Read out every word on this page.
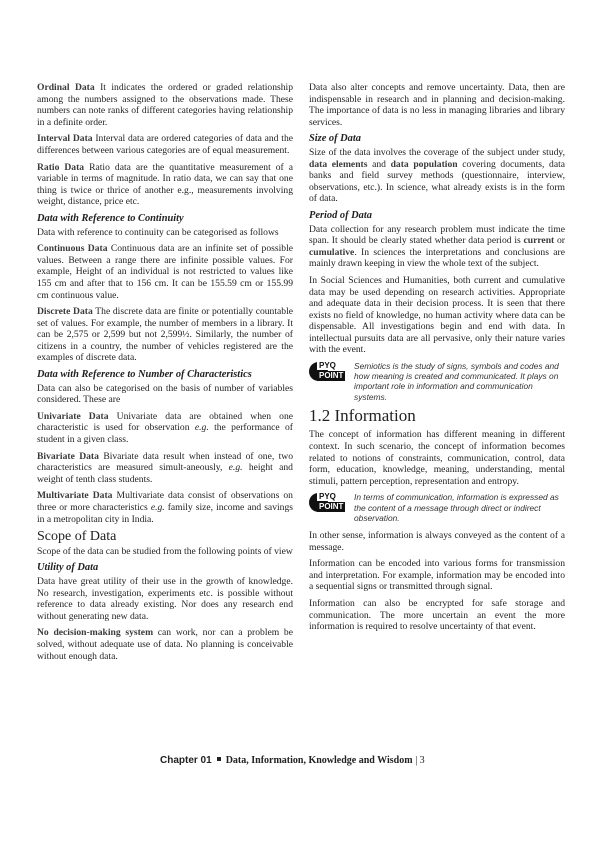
Ordinal Data It indicates the ordered or graded relationship among the numbers assigned to the observations made. These numbers can note ranks of different categories having relationship in a definite order.

Interval Data Interval data are ordered categories of data and the differences between various categories are of equal measurement.

Ratio Data Ratio data are the quantitative measurement of a variable in terms of magnitude. In ratio data, we can say that one thing is twice or thrice of another e.g., measurements involving weight, distance, price etc.

Data with Reference to Continuity

Data with reference to continuity can be categorised as follows

Continuous Data Continuous data are an infinite set of possible values. Between a range there are infinite possible values. For example, Height of an individual is not restricted to values like 155 cm and after that to 156 cm. It can be 155.59 cm or 155.99 cm continuous value.

Discrete Data The discrete data are finite or potentially countable set of values. For example, the number of members in a library. It can be 2,575 or 2,599 but not 2,599½. Similarly, the number of citizens in a country, the number of vehicles registered are the examples of discrete data.

Data with Reference to Number of Characteristics

Data can also be categorised on the basis of number of variables considered. These are

Univariate Data Univariate data are obtained when one characteristic is used for observation e.g. the performance of student in a given class.

Bivariate Data Bivariate data result when instead of one, two characteristics are measured simult-aneously, e.g. height and weight of tenth class students.

Multivariate Data Multivariate data consist of observations on three or more characteristics e.g. family size, income and savings in a metropolitan city in India.

Scope of Data

Scope of the data can be studied from the following points of view

Utility of Data

Data have great utility of their use in the growth of knowledge. No research, investigation, experiments etc. is possible without reference to data already existing. Nor does any research end without generating new data.

No decision-making system can work, nor can a problem be solved, without adequate use of data. No planning is conceivable without enough data.

Data also alter concepts and remove uncertainty. Data, then are indispensable in research and in planning and decision-making. The importance of data is no less in managing libraries and library services.

Size of Data

Size of the data involves the coverage of the subject under study, data elements and data population covering documents, data banks and field survey methods (questionnaire, interview, observations, etc.). In science, what already exists is in the form of data.

Period of Data

Data collection for any research problem must indicate the time span. It should be clearly stated whether data period is current or cumulative. In sciences the interpretations and conclusions are mainly drawn keeping in view the whole text of the subject.

In Social Sciences and Humanities, both current and cumulative data may be used depending on research activities. Appropriate and adequate data in their decision process. It is seen that there exists no field of knowledge, no human activity where data can be dispensable. All investigations begin and end with data. In intellectual pursuits data are all pervasive, only their nature varies with the event.

PYQ
POINT
Semiotics is the study of signs, symbols and codes and how meaning is created and communicated. It plays on important role in information and communication systems.
1.2 Information

The concept of information has different meaning in different context. In such scenario, the concept of information becomes related to notions of constraints, communication, control, data form, education, knowledge, meaning, understanding, mental stimuli, pattern perception, representation and entropy.

PYQ
POINT
In terms of communication, information is expressed as the content of a message through direct or indirect observation.

In other sense, information is always conveyed as the content of a message.

Information can be encoded into various forms for transmission and interpretation. For example, information may be encoded into a sequential signs or transmitted through signal.

Information can also be encrypted for safe storage and communication. The more uncertain an event the more information is required to resolve uncertainty of that event.

Chapter 01 Data, Information, Knowledge and Wisdom | 3
